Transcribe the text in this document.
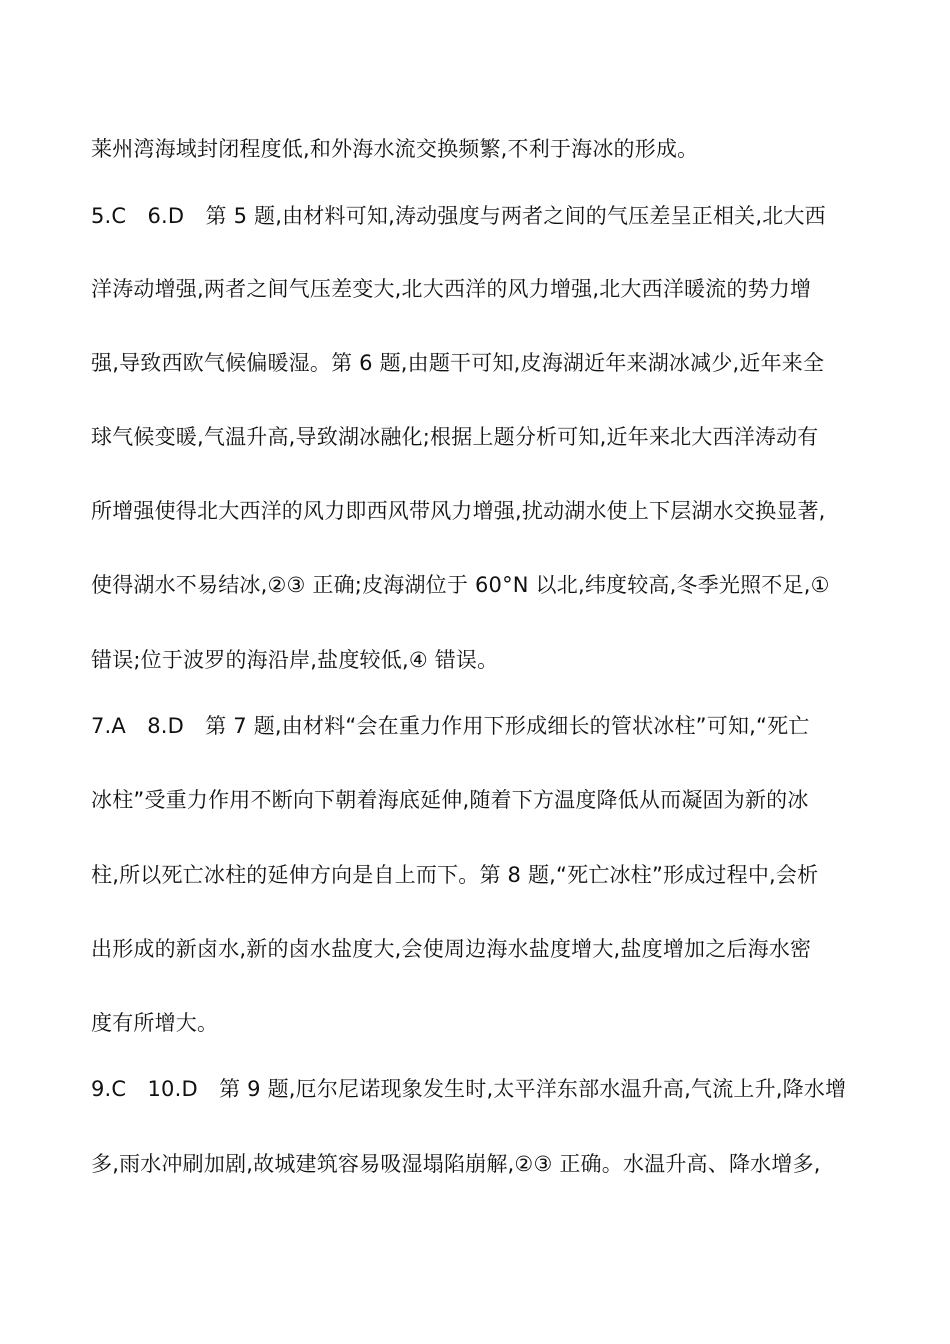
莱州湾海域封闭程度低,和外海水流交换频繁,不利于海冰的形成。
5.C　6.D　第 5 题,由材料可知,涛动强度与两者之间的气压差呈正相关,北大西
洋涛动增强,两者之间气压差变大,北大西洋的风力增强,北大西洋暖流的势力增
强,导致西欧气候偏暖湿。第 6 题,由题干可知,皮海湖近年来湖冰减少,近年来全
球气候变暖,气温升高,导致湖冰融化;根据上题分析可知,近年来北大西洋涛动有
所增强使得北大西洋的风力即西风带风力增强,扰动湖水使上下层湖水交换显著,
使得湖水不易结冰,②③ 正确;皮海湖位于 60°N 以北,纬度较高,冬季光照不足,①
错误;位于波罗的海沿岸,盐度较低,④ 错误。
7.A　8.D　第 7 题,由材料“会在重力作用下形成细长的管状冰柱”可知,“死亡
冰柱”受重力作用不断向下朝着海底延伸,随着下方温度降低从而凝固为新的冰
柱,所以死亡冰柱的延伸方向是自上而下。第 8 题,“死亡冰柱”形成过程中,会析
出形成的新卤水,新的卤水盐度大,会使周边海水盐度增大,盐度增加之后海水密
度有所增大。
9.C　10.D　第 9 题,厄尔尼诺现象发生时,太平洋东部水温升高,气流上升,降水增
多,雨水冲刷加剧,故城建筑容易吸湿塌陷崩解,②③ 正确。水温升高、降水增多,
